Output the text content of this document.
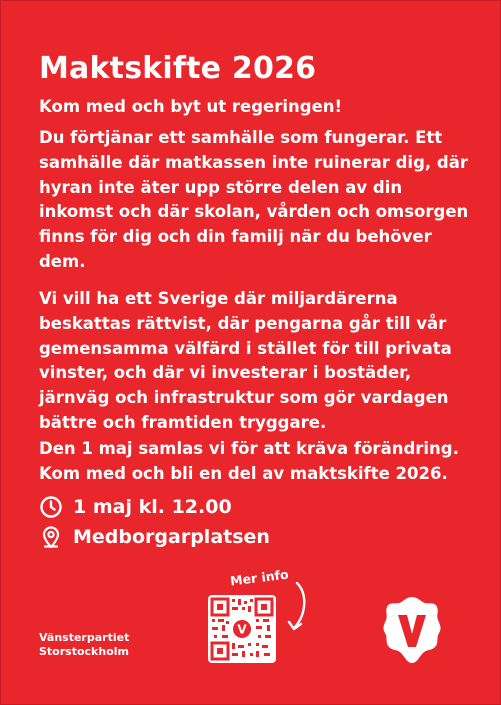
Maktskifte 2026
Kom med och byt ut regeringen!

Du förtjänar ett samhälle som fungerar. Ett samhälle där matkassen inte ruinerar dig, där hyran inte äter upp större delen av din inkomst och där skolan, vården och omsorgen finns för dig och din familj när du behöver dem.

Vi vill ha ett Sverige där miljardärerna beskattas rättvist, där pengarna går till vår gemensamma välfärd i stället för till privata vinster, och där vi investerar i bostäder, järnväg och infrastruktur som gör vardagen bättre och framtiden tryggare.

Den 1 maj samlas vi för att kräva förändring. Kom med och bli en del av maktskifte 2026.

1 maj kl. 12.00
Medborgarplatsen
Vänsterpartiet
Storstockholm
Mer info
V
